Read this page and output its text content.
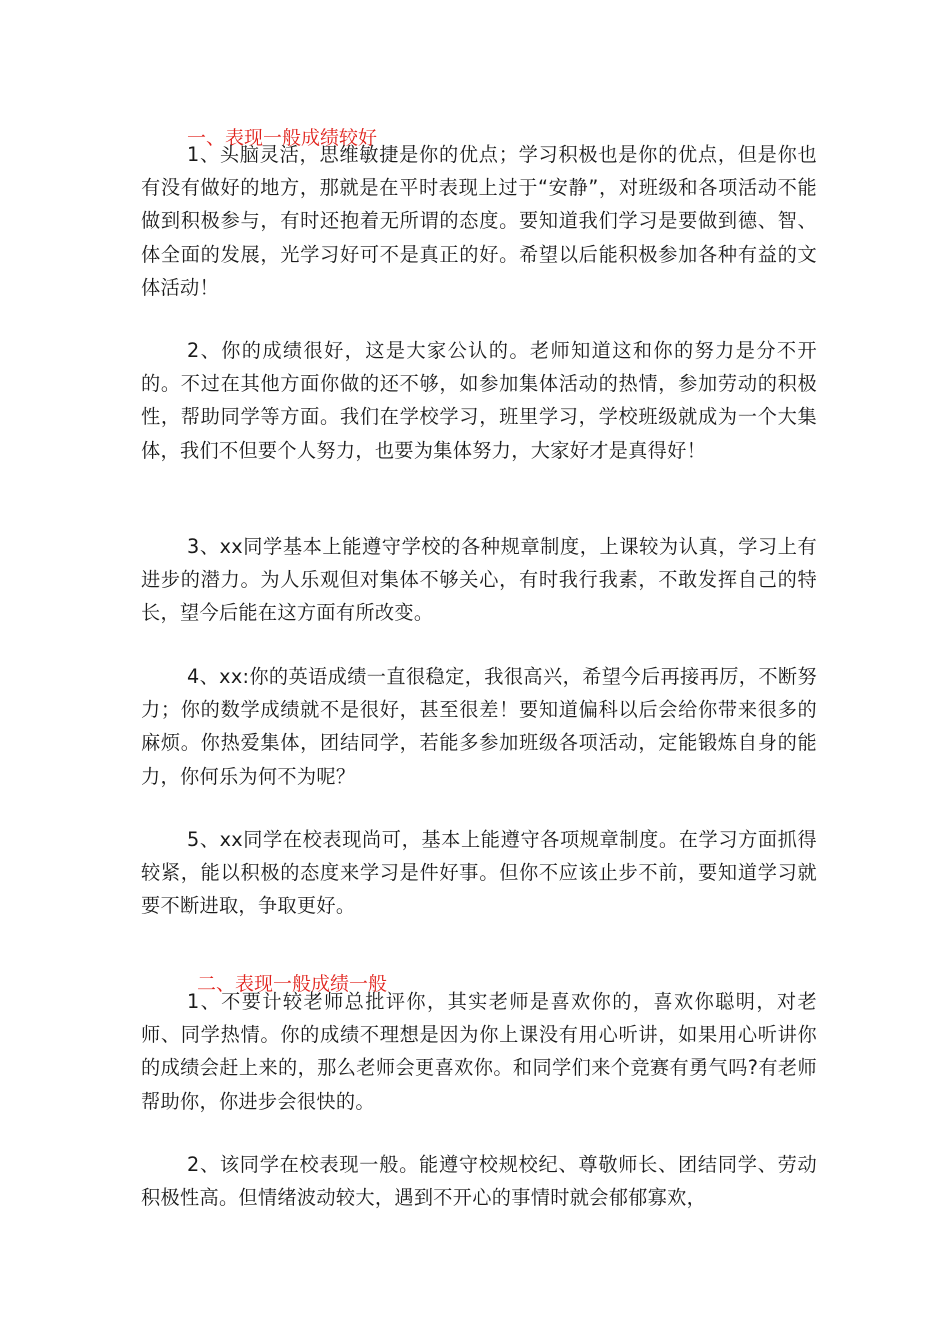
一、表现一般成绩较好

1、头脑灵活，思维敏捷是你的优点；学习积极也是你的优点，但是你也有没有做好的地方，那就是在平时表现上过于“安静”，对班级和各项活动不能做到积极参与，有时还抱着无所谓的态度。要知道我们学习是要做到德、智、体全面的发展，光学习好可不是真正的好。希望以后能积极参加各种有益的文体活动！

2、你的成绩很好，这是大家公认的。老师知道这和你的努力是分不开的。不过在其他方面你做的还不够，如参加集体活动的热情，参加劳动的积极性，帮助同学等方面。我们在学校学习，班里学习，学校班级就成为一个大集体，我们不但要个人努力，也要为集体努力，大家好才是真得好！

3、xx同学基本上能遵守学校的各种规章制度，上课较为认真，学习上有进步的潜力。为人乐观但对集体不够关心，有时我行我素，不敢发挥自己的特长，望今后能在这方面有所改变。

4、xx:你的英语成绩一直很稳定，我很高兴，希望今后再接再厉，不断努力；你的数学成绩就不是很好，甚至很差！要知道偏科以后会给你带来很多的麻烦。你热爱集体，团结同学，若能多参加班级各项活动，定能锻炼自身的能力，你何乐为何不为呢？

5、xx同学在校表现尚可，基本上能遵守各项规章制度。在学习方面抓得较紧，能以积极的态度来学习是件好事。但你不应该止步不前，要知道学习就要不断进取，争取更好。

二、表现一般成绩一般

1、不要计较老师总批评你，其实老师是喜欢你的，喜欢你聪明，对老师、同学热情。你的成绩不理想是因为你上课没有用心听讲，如果用心听讲你的成绩会赶上来的，那么老师会更喜欢你。和同学们来个竞赛有勇气吗?有老师帮助你，你进步会很快的。

2、该同学在校表现一般。能遵守校规校纪、尊敬师长、团结同学、劳动积极性高。但情绪波动较大，遇到不开心的事情时就会郁郁寡欢，
